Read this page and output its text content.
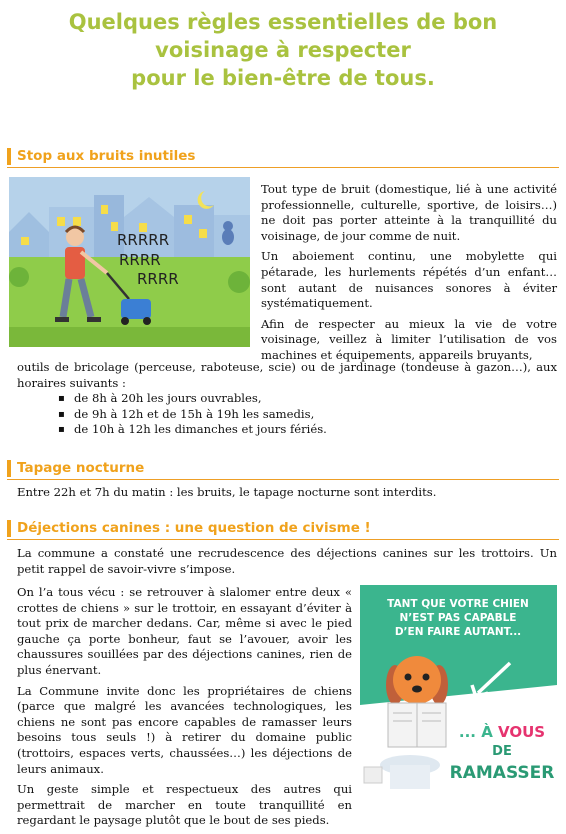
Quelques règles essentielles de bon
voisinage à respecter
pour le bien-être de tous.
Stop aux bruits inutiles
RRRRR
RRRR
RRRR

Tout type de bruit (domestique, lié à une activité professionnelle, culturelle, sportive, de loisirs…) ne doit pas porter atteinte à la tranquillité du voisinage, de jour comme de nuit.

Un aboiement continu, une mobylette qui pétarade, les hurlements répétés d’un enfant… sont autant de nuisances sonores à éviter systématiquement.

Afin de respecter au mieux la vie de votre voisinage, veillez à limiter l’utilisation de vos machines et équipements, appareils bruyants,

outils de bricolage (perceuse, raboteuse, scie) ou de jardinage (tondeuse à gazon…), aux horaires suivants :
▪ de 8h à 20h les jours ouvrables,
▪ de 9h à 12h et de 15h à 19h les samedis,
▪ de 10h à 12h les dimanches et jours fériés.
Tapage nocturne
Entre 22h et 7h du matin : les bruits, le tapage nocturne sont interdits.
Déjections canines : une question de civisme !
La commune a constaté une recrudescence des déjections canines sur les trottoirs. Un petit rappel de savoir-vivre s’impose.

On l’a tous vécu : se retrouver à slalomer entre deux « crottes de chiens » sur le trottoir, en essayant d’éviter à tout prix de marcher dedans. Car, même si avec le pied gauche ça porte bonheur, faut se l’avouer, avoir les chaussures souillées par des déjections canines, rien de plus énervant.

La Commune invite donc les propriétaires de chiens (parce que malgré les avancées technologiques, les chiens ne sont pas encore capables de ramasser leurs besoins tous seuls !) à retirer du domaine public (trottoirs, espaces verts, chaussées…) les déjections de leurs animaux.

Un geste simple et respectueux des autres qui permettrait de marcher en toute tranquillité en regardant le paysage plutôt que le bout de ses pieds.

TANT QUE VOTRE CHIEN
N’EST PAS CAPABLE
D’EN FAIRE AUTANT...
... À VOUS
DE
RAMASSER
